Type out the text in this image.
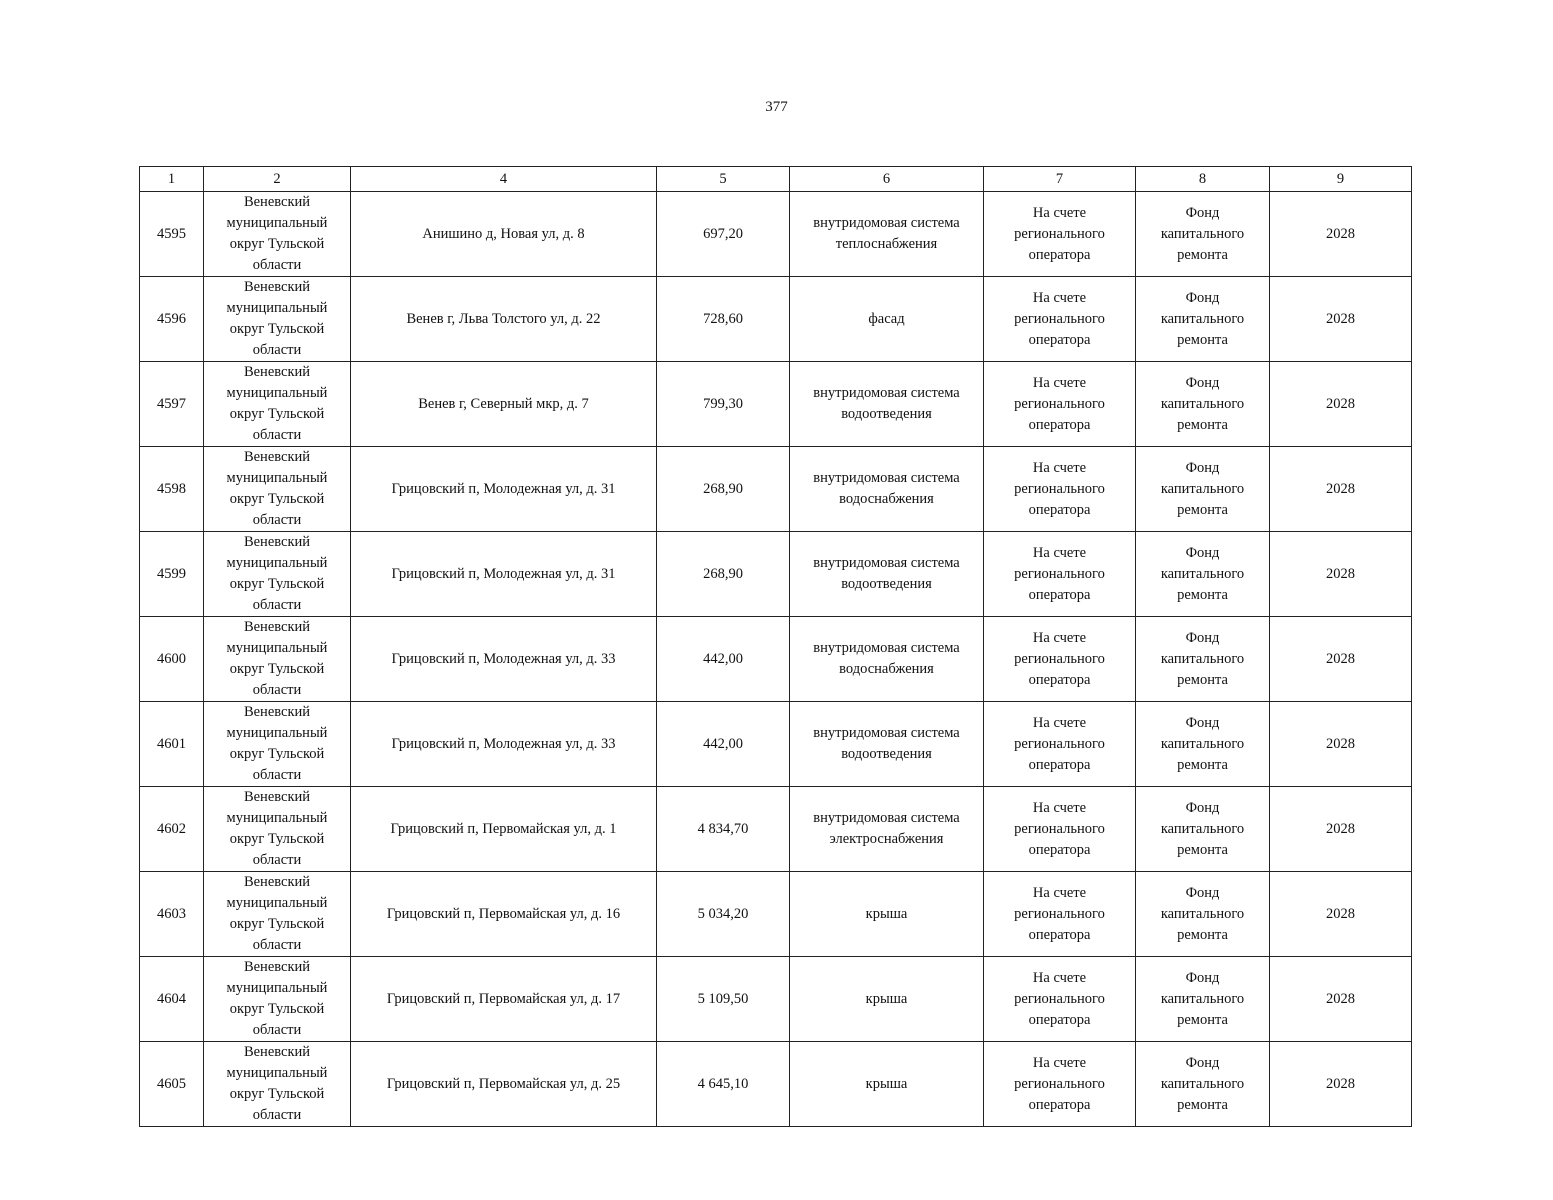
377
1	2	4	5	6	7	8	9
4595	Веневский
муниципальный
округ Тульской
области	Анишино д, Новая ул, д. 8	697,20	внутридомовая система
теплоснабжения	На счете
регионального
оператора	Фонд
капитального
ремонта	2028
4596	Веневский
муниципальный
округ Тульской
области	Венев г, Льва Толстого ул, д. 22	728,60	фасад	На счете
регионального
оператора	Фонд
капитального
ремонта	2028
4597	Веневский
муниципальный
округ Тульской
области	Венев г, Северный мкр, д. 7	799,30	внутридомовая система
водоотведения	На счете
регионального
оператора	Фонд
капитального
ремонта	2028
4598	Веневский
муниципальный
округ Тульской
области	Грицовский п, Молодежная ул, д. 31	268,90	внутридомовая система
водоснабжения	На счете
регионального
оператора	Фонд
капитального
ремонта	2028
4599	Веневский
муниципальный
округ Тульской
области	Грицовский п, Молодежная ул, д. 31	268,90	внутридомовая система
водоотведения	На счете
регионального
оператора	Фонд
капитального
ремонта	2028
4600	Веневский
муниципальный
округ Тульской
области	Грицовский п, Молодежная ул, д. 33	442,00	внутридомовая система
водоснабжения	На счете
регионального
оператора	Фонд
капитального
ремонта	2028
4601	Веневский
муниципальный
округ Тульской
области	Грицовский п, Молодежная ул, д. 33	442,00	внутридомовая система
водоотведения	На счете
регионального
оператора	Фонд
капитального
ремонта	2028
4602	Веневский
муниципальный
округ Тульской
области	Грицовский п, Первомайская ул, д. 1	4 834,70	внутридомовая система
электроснабжения	На счете
регионального
оператора	Фонд
капитального
ремонта	2028
4603	Веневский
муниципальный
округ Тульской
области	Грицовский п, Первомайская ул, д. 16	5 034,20	крыша	На счете
регионального
оператора	Фонд
капитального
ремонта	2028
4604	Веневский
муниципальный
округ Тульской
области	Грицовский п, Первомайская ул, д. 17	5 109,50	крыша	На счете
регионального
оператора	Фонд
капитального
ремонта	2028
4605	Веневский
муниципальный
округ Тульской
области	Грицовский п, Первомайская ул, д. 25	4 645,10	крыша	На счете
регионального
оператора	Фонд
капитального
ремонта	2028
